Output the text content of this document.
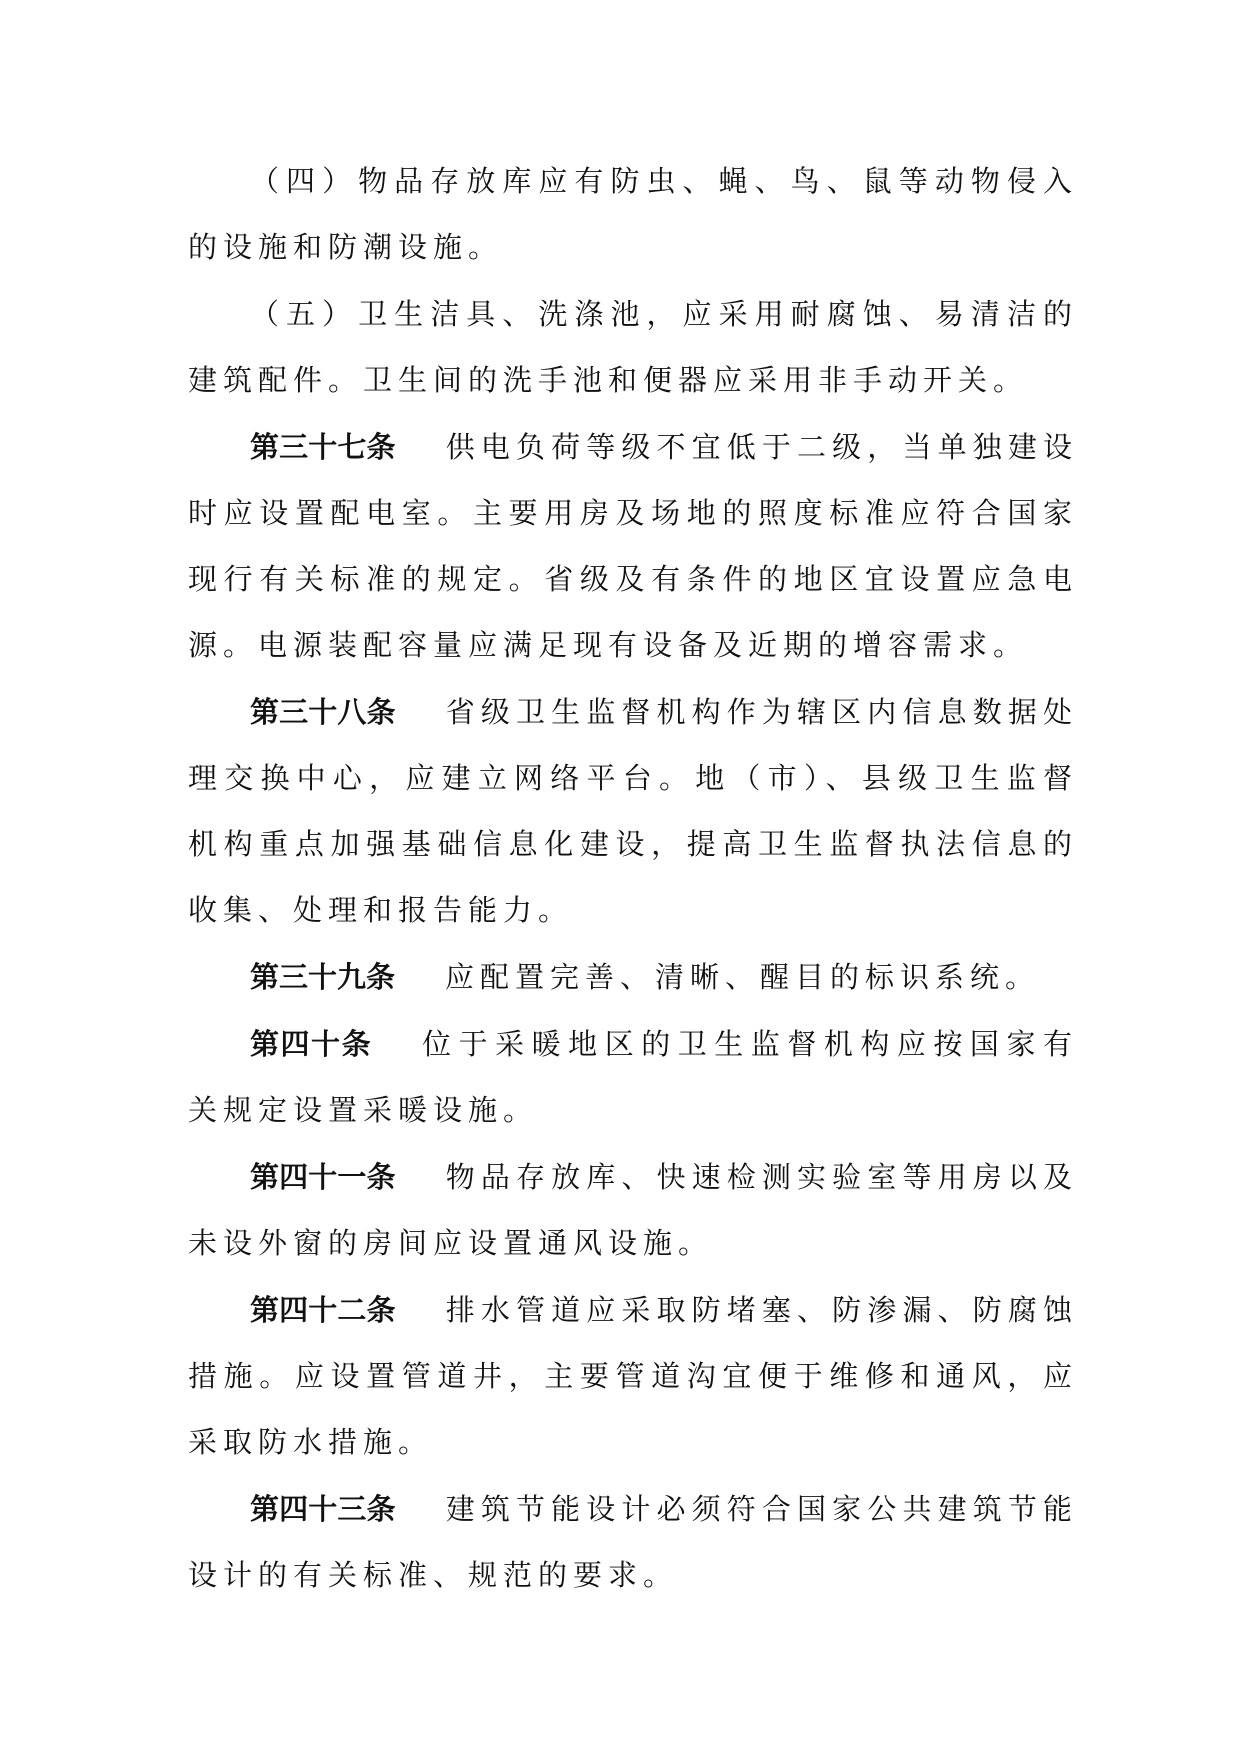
（四）物品存放库应有防虫、蝇、鸟、鼠等动物侵入的设施和防潮设施。

（五）卫生洁具、洗涤池，应采用耐腐蚀、易清洁的建筑配件。卫生间的洗手池和便器应采用非手动开关。

第三十七条 供电负荷等级不宜低于二级，当单独建设时应设置配电室。主要用房及场地的照度标准应符合国家现行有关标准的规定。省级及有条件的地区宜设置应急电源。电源装配容量应满足现有设备及近期的增容需求。

第三十八条 省级卫生监督机构作为辖区内信息数据处理交换中心，应建立网络平台。地（市）、县级卫生监督机构重点加强基础信息化建设，提高卫生监督执法信息的收集、处理和报告能力。

第三十九条 应配置完善、清晰、醒目的标识系统。

第四十条 位于采暖地区的卫生监督机构应按国家有关规定设置采暖设施。

第四十一条 物品存放库、快速检测实验室等用房以及未设外窗的房间应设置通风设施。

第四十二条 排水管道应采取防堵塞、防渗漏、防腐蚀措施。应设置管道井，主要管道沟宜便于维修和通风，应采取防水措施。

第四十三条 建筑节能设计必须符合国家公共建筑节能设计的有关标准、规范的要求。
